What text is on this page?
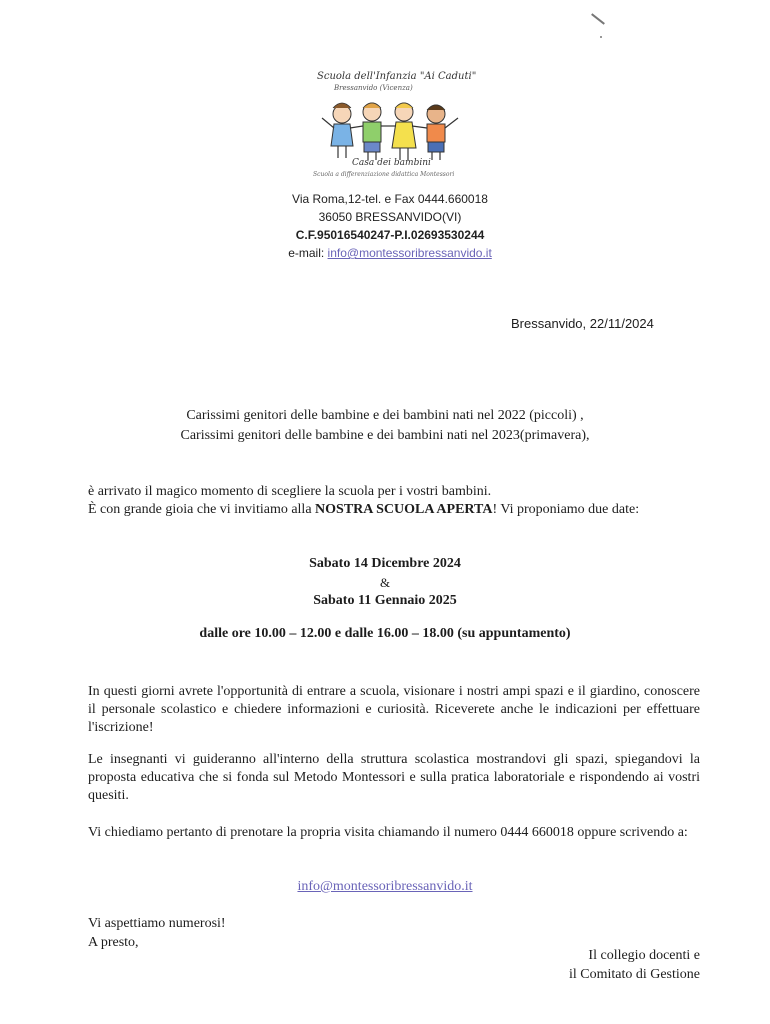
Scuola dell'Infanzia "Ai Caduti"
Bressanvido (Vicenza)
Casa dei bambini
Scuola a differenziazione didattica Montessori
Via Roma,12-tel. e Fax 0444.660018
36050 BRESSANVIDO(VI)
C.F.95016540247-P.I.02693530244
e-mail: info@montessoribressanvido.it
Bressanvido, 22/11/2024
Carissimi genitori delle bambine e dei bambini nati nel 2022 (piccoli) ,
Carissimi genitori delle bambine e dei bambini nati nel 2023(primavera),
è arrivato il magico momento di scegliere la scuola per i vostri bambini.
È con grande gioia che vi invitiamo alla NOSTRA SCUOLA APERTA! Vi proponiamo due date:
Sabato 14 Dicembre 2024
&
Sabato 11 Gennaio 2025
dalle ore 10.00 – 12.00 e dalle 16.00 – 18.00 (su appuntamento)
In questi giorni avrete l'opportunità di entrare a scuola, visionare i nostri ampi spazi e il giardino, conoscere il personale scolastico e chiedere informazioni e curiosità. Riceverete anche le indicazioni per effettuare l'iscrizione!
Le insegnanti vi guideranno all'interno della struttura scolastica mostrandovi gli spazi, spiegandovi la proposta educativa che si fonda sul Metodo Montessori e sulla pratica laboratoriale e rispondendo ai vostri quesiti.
Vi chiediamo pertanto di prenotare la propria visita chiamando il numero 0444 660018 oppure scrivendo a:
info@montessoribressanvido.it
Vi aspettiamo numerosi!
A presto,
Il collegio docenti e
il Comitato di Gestione
